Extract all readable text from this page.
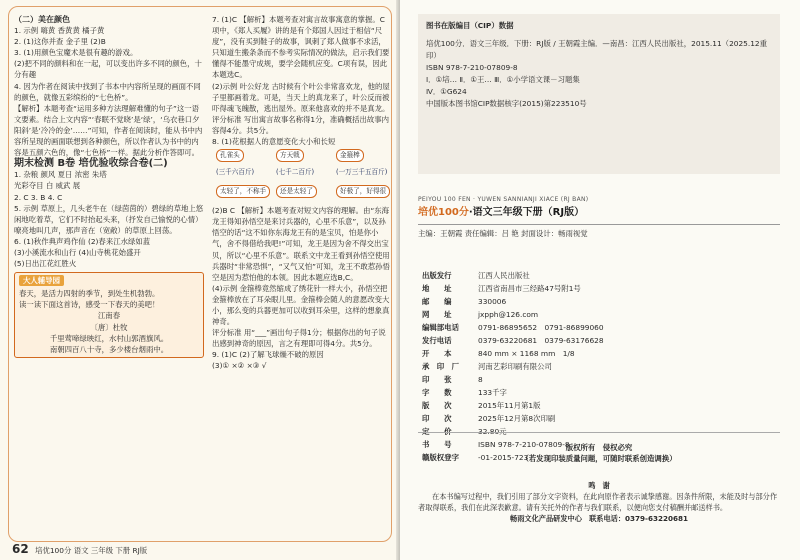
（二）美在颜色

1. 示例 嗨黄 香黄黄 橘子黄

2. (1)这你并查 金子里 (2)B

3. (1)用颜色宝魔术是很有趣的游戏。

(2)把不同的颜料和在一起，可以变出许多不同的颜色，十分有趣

4. 因为作者在阅读中找到了书本中内容所呈现的画面不同的颜色，就像五彩缤纷的“七色桥”。

【解析】本题考查“运用多种方法理解难懂的句子”这一语文要素。结合上文内容“‘春眠不觉晓’是‘绿’，‘乌衣巷口夕阳斜’是‘冷冷的金’……”可知，作者在阅读时，能从书中内容所呈现的画面联想到各种颜色，所以作者认为书中的内容是五颜六色的，像“七色桥”一样。据此分析作答即可。

期末检测 B卷 培优验收综合卷(二)

1. 杂粮 颜风 夏日 浓密 朱塔

光彩夺目 白 威武 展

2. C 3. B 4. C

5. 示例 草原上，几头老牛在（绿茵茵的）碧绿的草地上悠闲地吃着草，它们不时抬起头来，（抒发自己愉悦的心情）嘹亮地叫几声，那声音在（宽敞）的草原上回荡。

6. (1)秋作典声鸡作仙 (2)春来江水绿如蓝

(3)小溪流水和山行 (4)山寺桃花始盛开

(5)日出江花红胜火

大人辅导园

春天，是活力四射的季节，到处生机勃勃。

读一读下面这首诗，感受一下春天的美吧！

江南春

〔唐〕杜牧

千里莺啼绿映红，水村山郭酒旗风。

南朝四百八十寺，多少楼台烟雨中。

7. (1)C 【解析】本题考查对寓言故事寓意的掌握。C项中，《郑人买履》讲的是有个郑国人因过于相信“尺度”，没有买到鞋子的故事，讽刺了郑人做事不求活，只知道生搬条条而不参考实际情况的做法，启示我们要懂得不能墨守成规，要学会随机应变。C项有误，因此本题选C。

(2)示例 叶公好龙 古时候有个叶公非常喜欢龙，他的屋子里都画着龙。可是，当天上的真龙来了，叶公反而被吓得魂飞魄散，逃出屋外。原来他喜欢的并不是真龙。

评分标准 写出寓言故事名称得1分，准确概括出故事内容得4分。共5分。

8. (1)花根据人的意愿变化大小和长短

孔雀头	方天戟	金箍棒
(三千六百斤)	(七千二百斤)	(一万三千五百斤)
太轻了，不称手	还是太轻了	好极了，好得很

(2)B C 【解析】本题考查对短文内容的理解。由“东海龙王得知孙悟空是来讨兵器的，心里不乐意”，以及孙悟空的话“这不如你东海龙王有的是宝贝，怕是你小气，舍不得借给我吧!”可知，龙王是因为舍不得交出宝贝，所以“心里不乐意”。联系文中龙王看到孙悟空使用兵器时“非常恐惧”，“又气又怕”可知，龙王不敢惹孙悟空是因为惹怕他的本领。因此本题应选B,C。

(4)示例 金箍棒竟然缩成了绣花针一样大小，孙悟空把金箍棒放在了耳朵眼儿里。金箍棒会随人的意愿改变大小，那么变的兵器更加可以收到耳朵里，这样的想象真神奇。

评分标准 用“___”画出句子得1分；根据你出的句子说出感到神奇的原因，言之有理即可得4分。共5分。

9. (1)C (2)了解飞球燥不破的原因

(3)① ×② ×③ √

62 培优100分 语文 三年级 下册 RJ版
图书在版编目（CIP）数据
培优100分．语文三年级．下册：RJ版 / 王朝霞主编．—南昌：江西人民出版社，2015.11（2025.12重印）
ISBN 978-7-210-07809-8
Ⅰ．①培… Ⅱ．①王… Ⅲ．①小学语文课－习题集
Ⅳ．①G624
中国版本图书馆CIP数据核字(2015)第223510号
PEIYOU 100 FEN · YUWEN SANNIANJI XIACE (RJ BAN)
培优100分·语文三年级下册（RJ版）
主编：王朝霞 责任编辑：吕 艳 封面设计：畅雨视觉
出版发行	江西人民出版社
地　　址	江西省南昌市三经路47号附1号
邮　　编	330006
网　　址	jxpph@126.com
编辑部电话	0791-86895652　0791-86899060
发行电话	0379-63220681　0379-63176628
开　　本	840 mm × 1168 mm　1/8
承　印　厂	河南艺彩印刷有限公司
印　　张	8
字　　数	133千字
版　　次	2015年11月第1版
印　　次	2025年12月第8次印刷
定　　价	32.80元
书　　号	ISBN 978-7-210-07809-8
赣版权登字	-01-2015-723
版权所有　侵权必究
（若发现印装质量问题，可随时联系创造调换）
鸣　谢
在本书编写过程中，我们引用了部分文字资料，在此向原作者表示诚挚感谢。因条件所限，未能及时与部分作者取得联系，我们在此深表歉意。请有关托外的作者与我们联系，以便向您支付稿酬并邮送样书。
畅雨文化产品研发中心　联系电话：0379-63220681
